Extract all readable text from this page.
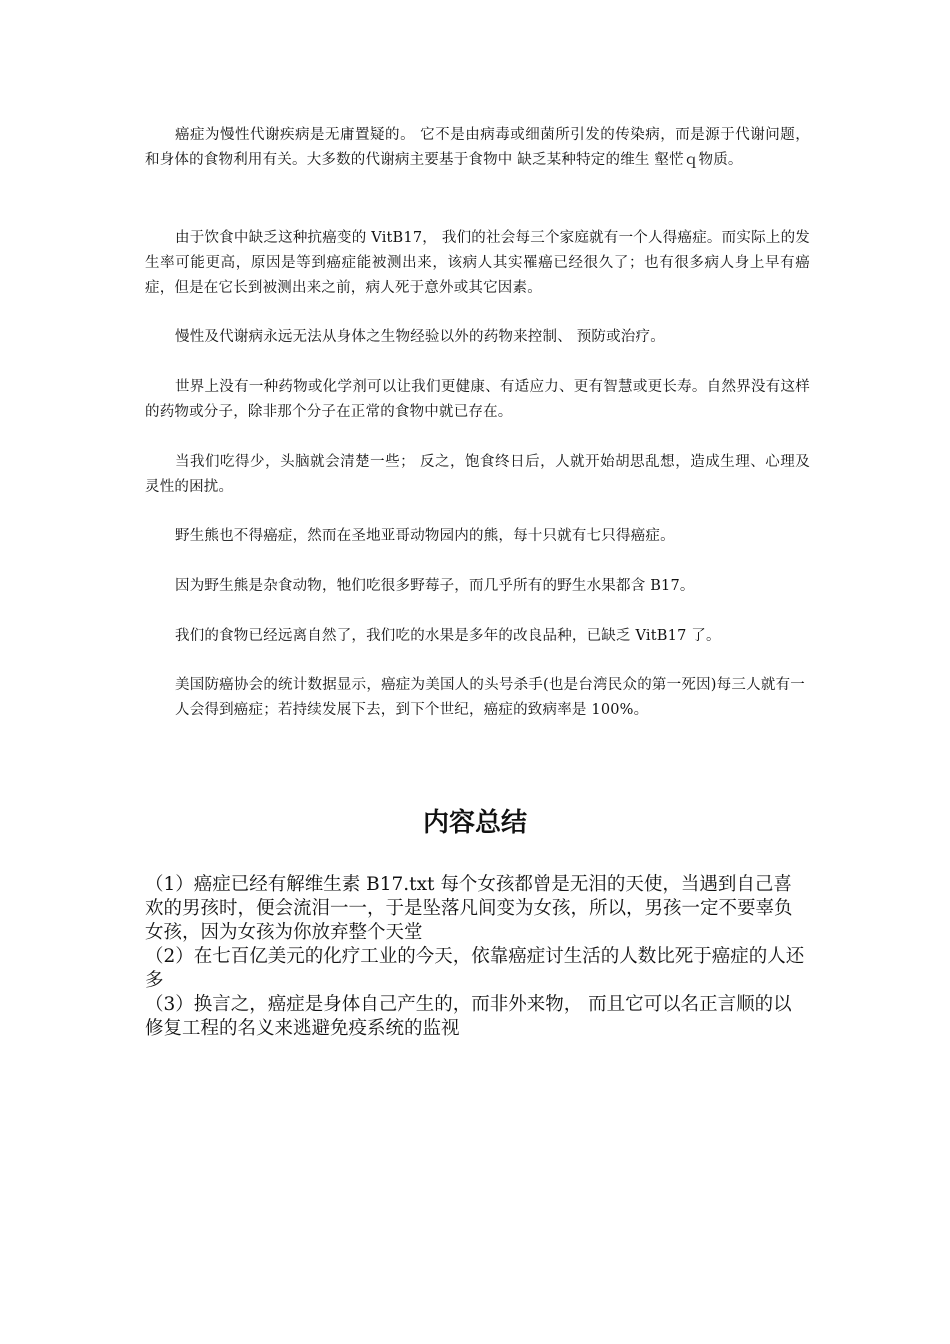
癌症为慢性代谢疾病是无庸置疑的。 它不是由病毒或细菌所引发的传染病，而是源于代谢问题，和身体的食物利用有关。大多数的代谢病主要基于食物中 缺乏某种特定的维生 壑恾ｑ物质。

由于饮食中缺乏这种抗癌变的 VitB17， 我们的社会每三个家庭就有一个人得癌症。而实际上的发生率可能更高，原因是等到癌症能被测出来，该病人其实罹癌已经很久了；也有很多病人身上早有癌症，但是在它长到被测出来之前，病人死于意外或其它因素。

慢性及代谢病永远无法从身体之生物经验以外的药物来控制、 预防或治疗。

世界上没有一种药物或化学剂可以让我们更健康、有适应力、更有智慧或更长寿。自然界没有这样的药物或分子，除非那个分子在正常的食物中就已存在。

当我们吃得少，头脑就会清楚一些； 反之，饱食终日后，人就开始胡思乱想，造成生理、心理及灵性的困扰。

野生熊也不得癌症，然而在圣地亚哥动物园内的熊，每十只就有七只得癌症。

因为野生熊是杂食动物，牠们吃很多野莓子，而几乎所有的野生水果都含 B17。

我们的食物已经远离自然了，我们吃的水果是多年的改良品种，已缺乏 VitB17 了。

美国防癌协会的统计数据显示，癌症为美国人的头号杀手(也是台湾民众的第一死因)每三人就有一人会得到癌症；若持续发展下去，到下个世纪，癌症的致病率是 100%。

内容总结

（1）癌症已经有解维生素 B17.txt 每个女孩都曾是无泪的天使，当遇到自己喜欢的男孩时，便会流泪一一，于是坠落凡间变为女孩，所以，男孩一定不要辜负女孩，因为女孩为你放弃整个天堂

（2）在七百亿美元的化疗工业的今天，依靠癌症讨生活的人数比死于癌症的人还多

（3）换言之，癌症是身体自己产生的，而非外来物， 而且它可以名正言顺的以修复工程的名义来逃避免疫系统的监视
